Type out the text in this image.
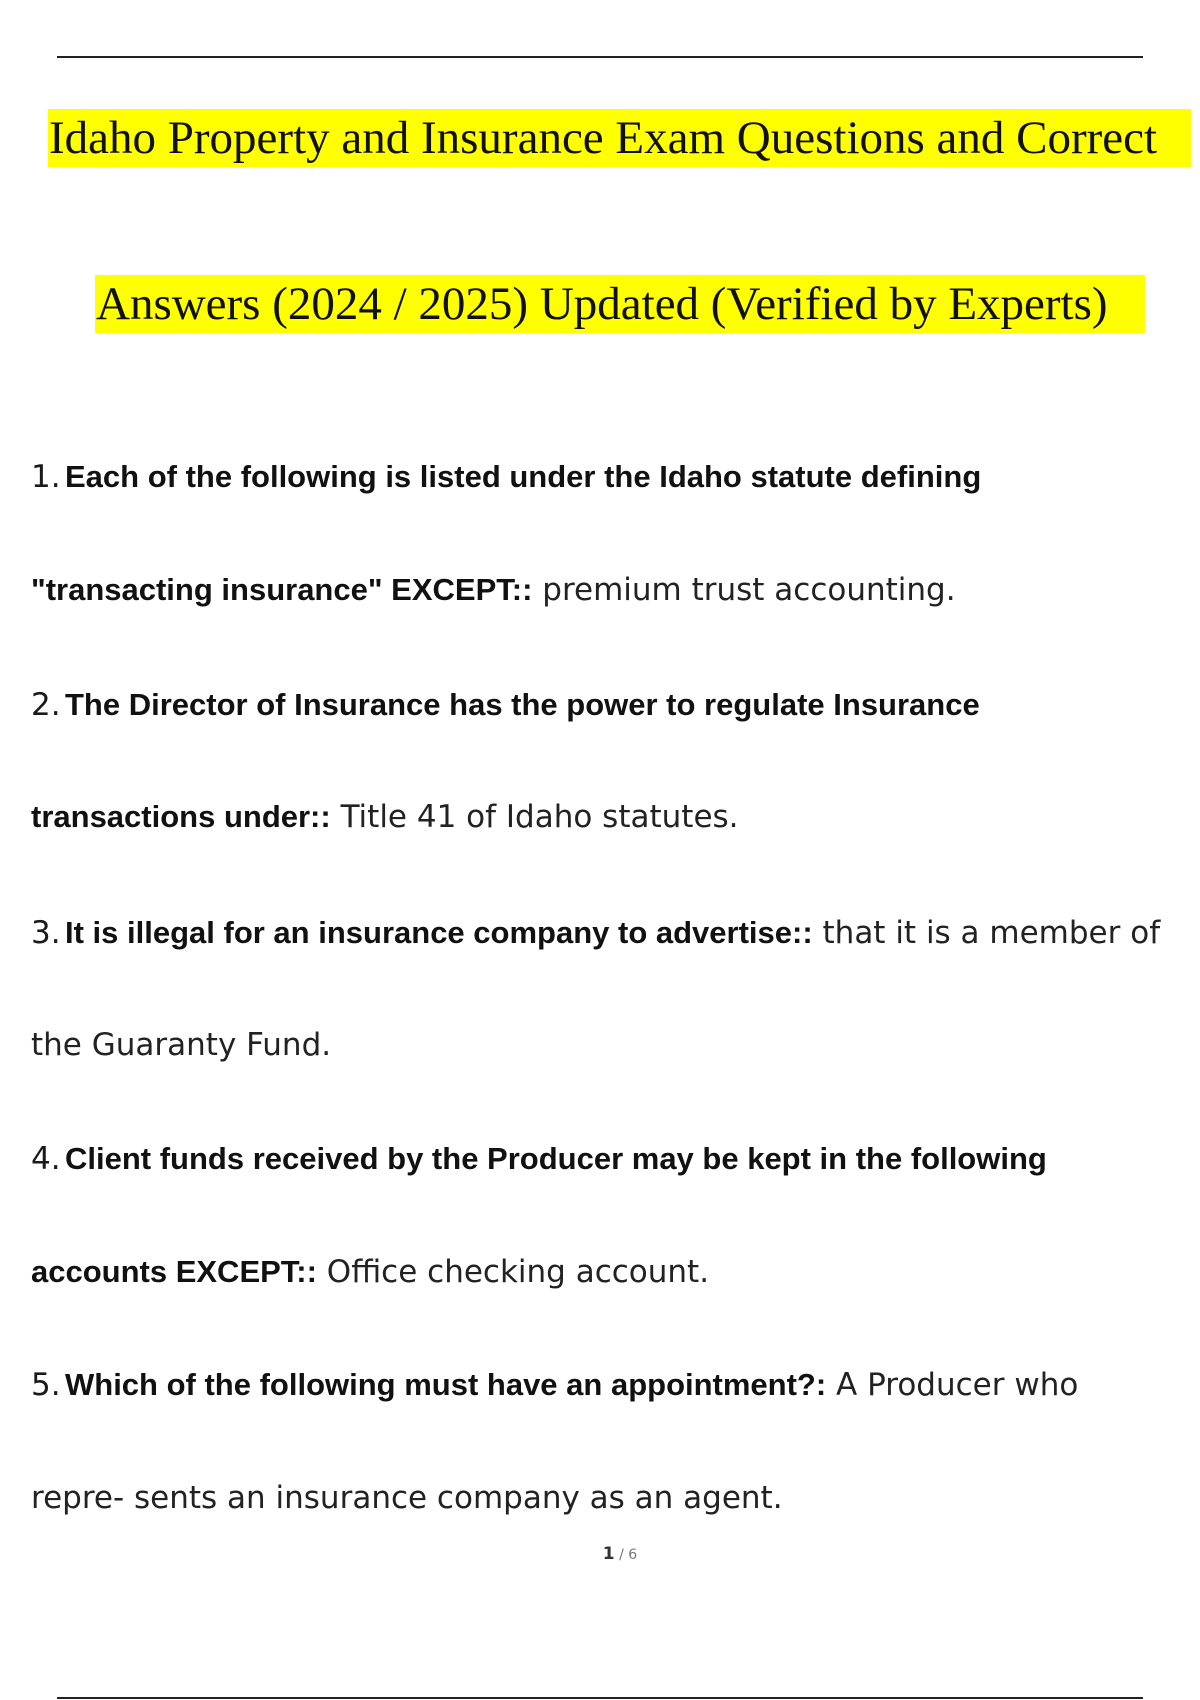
Idaho Property and Insurance Exam Questions and Correct
Answers (2024 / 2025) Updated (Verified by Experts)
1. Each of the following is listed under the Idaho statute defining
"transacting insurance" EXCEPT:: premium trust accounting.
2. The Director of Insurance has the power to regulate Insurance
transactions under:: Title 41 of Idaho statutes.
3. It is illegal for an insurance company to advertise:: that it is a member of
the Guaranty Fund.
4. Client funds received by the Producer may be kept in the following
accounts EXCEPT:: Office checking account.
5. Which of the following must have an appointment?: A Producer who
repre- sents an insurance company as an agent.
1 / 6
